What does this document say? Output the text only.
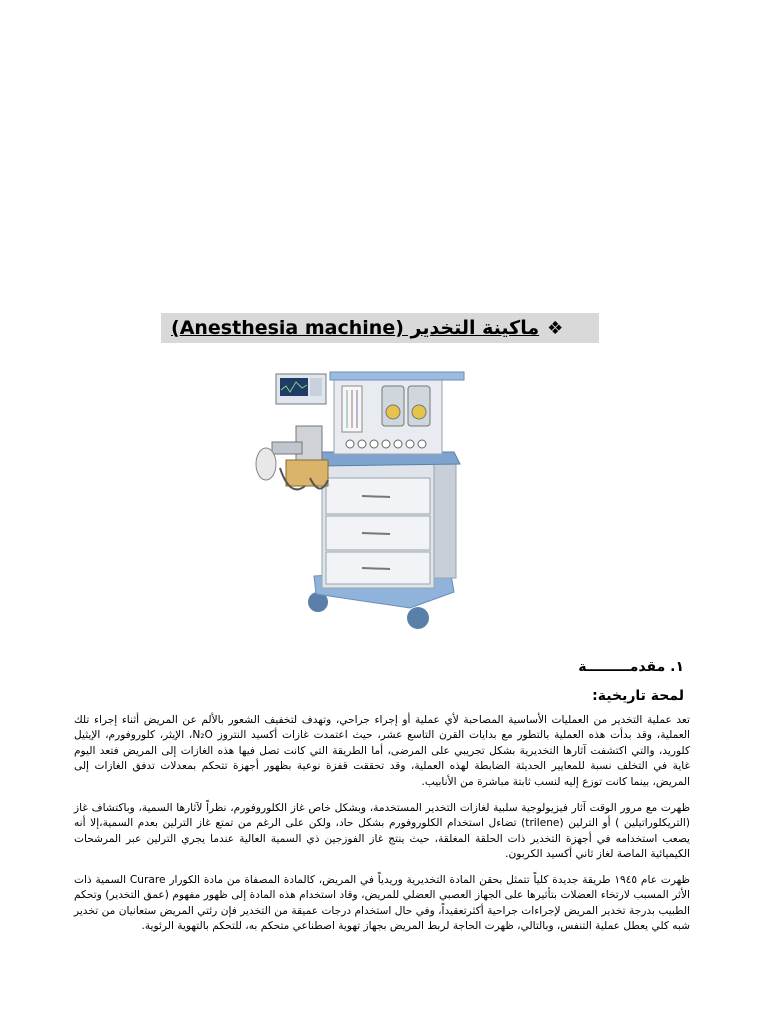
❖
ماكينة التخدير (Anesthesia machine)
١. مقدمـــــــــة
لمحة تاريخية:
تعد عملية التخدير من العمليات الأساسية المصاحبة لأي عملية أو إجراء جراحي، وتهدف لتخفيف الشعور بالألم عن المريض أثناء إجراء تلك العملية، وقد بدأت هذه العملية بالتطور مع بدايات القرن التاسع عشر، حيث اعتمدت غازات أكسيد النتروز N₂O، الإيثر، كلوروفورم، الإيثيل كلوريد، والتي اكتشفت آثارها التخديرية بشكل تجريبي على المرضى، أما الطريقة التي كانت تصل فيها هذه الغازات إلى المريض فتعد اليوم غاية في التخلف نسبة للمعايير الحديثة الضابطة لهذه العملية، وقد تحققت قفزة نوعية بظهور أجهزة تتحكم بمعدلات تدفق الغازات إلى المريض، بينما كانت توزع إليه لنسب ثابتة مباشرة من الأنابيب.
ظهرت مع مرور الوقت آثار فيزيولوجية سلبية لغازات التخدير المستخدمة، وبشكل خاص غاز الكلوروفورم، نظراً لآثارها السمية، وباكتشاف غاز (التريكلوراتيلين ) أو الترلين (trilene) تضاءل استخدام الكلوروفورم بشكل حاد، ولكن على الرغم من تمتع غاز الترلين بعدم السمية،إلا أنه يصعب استخدامه في أجهزة التخدير ذات الحلقة المغلقة، حيث ينتج غاز الفوزجين ذي السمية العالية عندما يجري الترلين عبر المرشحات الكيميائية الماصة لغاز ثاني أكسيد الكربون.
ظهرت عام ١٩٤٥ طريقة جديدة كلياً تتمثل بحقن المادة التخديرية وريدياً في المريض، كالمادة المصفاة من مادة الكورار Curare السمية ذات الأثر المسبب لارتخاء العضلات بتأثيرها على الجهاز العصبي العضلي للمريض، وقاد استخدام هذه المادة إلى ظهور مفهوم (عمق التخدير) وتحكم الطبيب بدرجة تخدير المريض لإجراءات جراحية أكثرتعقيداً، وفي حال استخدام درجات عميقة من التخدير فإن رئتي المريض ستعانيان من تخدير شبه كلي يعطل عملية التنفس، وبالتالي، ظهرت الحاجة لربط المريض بجهاز تهوية اصطناعي متحكم به، للتحكم بالتهوية الرئوية.
